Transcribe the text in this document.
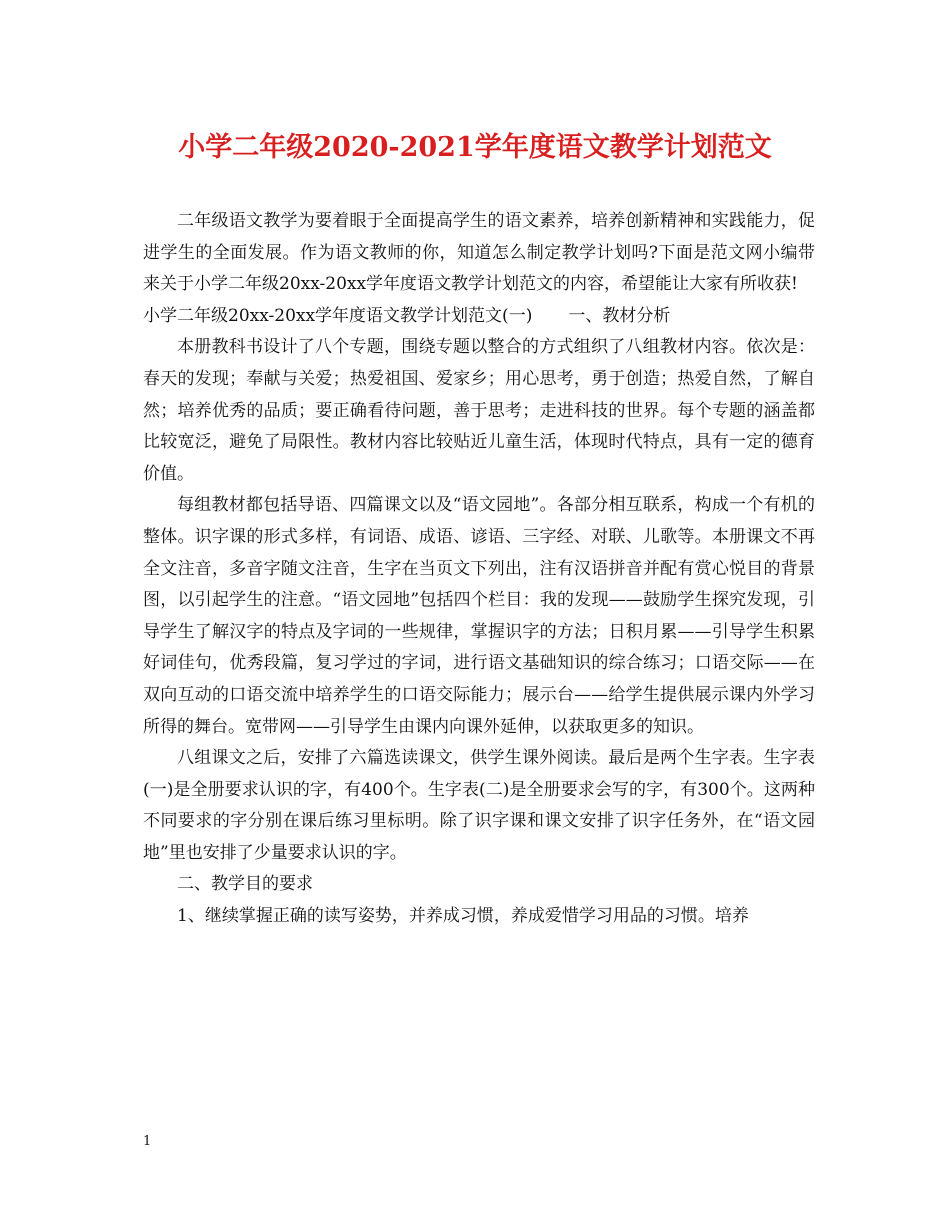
小学二年级2020-2021学年度语文教学计划范文

二年级语文教学为要着眼于全面提高学生的语文素养，培养创新精神和实践能力，促进学生的全面发展。作为语文教师的你，知道怎么制定教学计划吗?下面是范文网小编带来关于小学二年级20xx-20xx学年度语文教学计划范文的内容，希望能让大家有所收获!

小学二年级20xx-20xx学年度语文教学计划范文(一) 一、教材分析

本册教科书设计了八个专题，围绕专题以整合的方式组织了八组教材内容。依次是：春天的发现；奉献与关爱；热爱祖国、爱家乡；用心思考，勇于创造；热爱自然，了解自然；培养优秀的品质；要正确看待问题，善于思考；走进科技的世界。每个专题的涵盖都比较宽泛，避免了局限性。教材内容比较贴近儿童生活，体现时代特点，具有一定的德育价值。

每组教材都包括导语、四篇课文以及“语文园地”。各部分相互联系，构成一个有机的整体。识字课的形式多样，有词语、成语、谚语、三字经、对联、儿歌等。本册课文不再全文注音，多音字随文注音，生字在当页文下列出，注有汉语拼音并配有赏心悦目的背景图，以引起学生的注意。“语文园地”包括四个栏目：我的发现——鼓励学生探究发现，引导学生了解汉字的特点及字词的一些规律，掌握识字的方法；日积月累——引导学生积累好词佳句，优秀段篇，复习学过的字词，进行语文基础知识的综合练习；口语交际——在双向互动的口语交流中培养学生的口语交际能力；展示台——给学生提供展示课内外学习所得的舞台。宽带网——引导学生由课内向课外延伸，以获取更多的知识。

八组课文之后，安排了六篇选读课文，供学生课外阅读。最后是两个生字表。生字表 (一)是全册要求认识的字，有400个。生字表(二)是全册要求会写的字，有300个。这两种不同要求的字分别在课后练习里标明。除了识字课和课文安排了识字任务外，在“语文园地”里也安排了少量要求认识的字。

二、教学目的要求

1、继续掌握正确的读写姿势，并养成习惯，养成爱惜学习用品的习惯。培养

1
